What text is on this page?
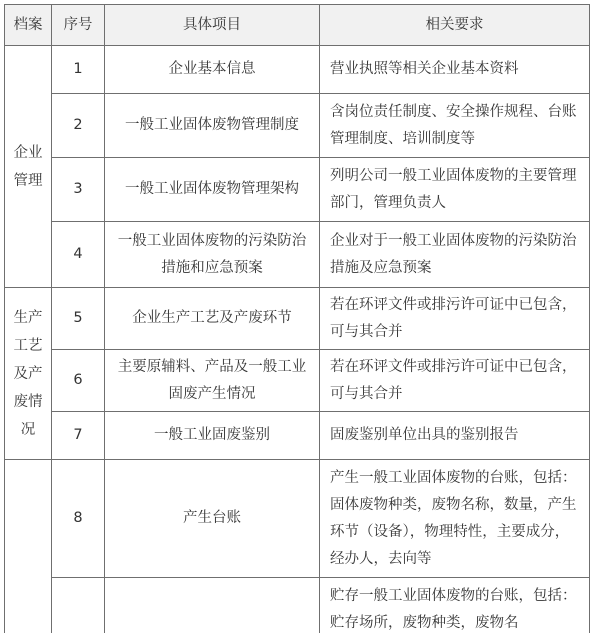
档案	序号	具体项目	相关要求
企业管理	1	企业基本信息	营业执照等相关企业基本资料
	2	一般工业固体废物管理制度	含岗位责任制度、安全操作规程、台账管理制度、培训制度等
	3	一般工业固体废物管理架构	列明公司一般工业固体废物的主要管理部门，管理负责人
	4	一般工业固体废物的污染防治措施和应急预案	企业对于一般工业固体废物的污染防治措施及应急预案
生产工艺及产废情况	5	企业生产工艺及产废环节	若在环评文件或排污许可证中已包含，可与其合并
	6	主要原辅料、产品及一般工业固废产生情况	若在环评文件或排污许可证中已包含，可与其合并
	7	一般工业固废鉴别	固废鉴别单位出具的鉴别报告
	8	产生台账	产生一般工业固体废物的台账，包括：固体废物种类，废物名称，数量，产生环节（设备），物理特性，主要成分，经办人，去向等
			贮存一般工业固体废物的台账，包括：贮存场所，废物种类，废物名
